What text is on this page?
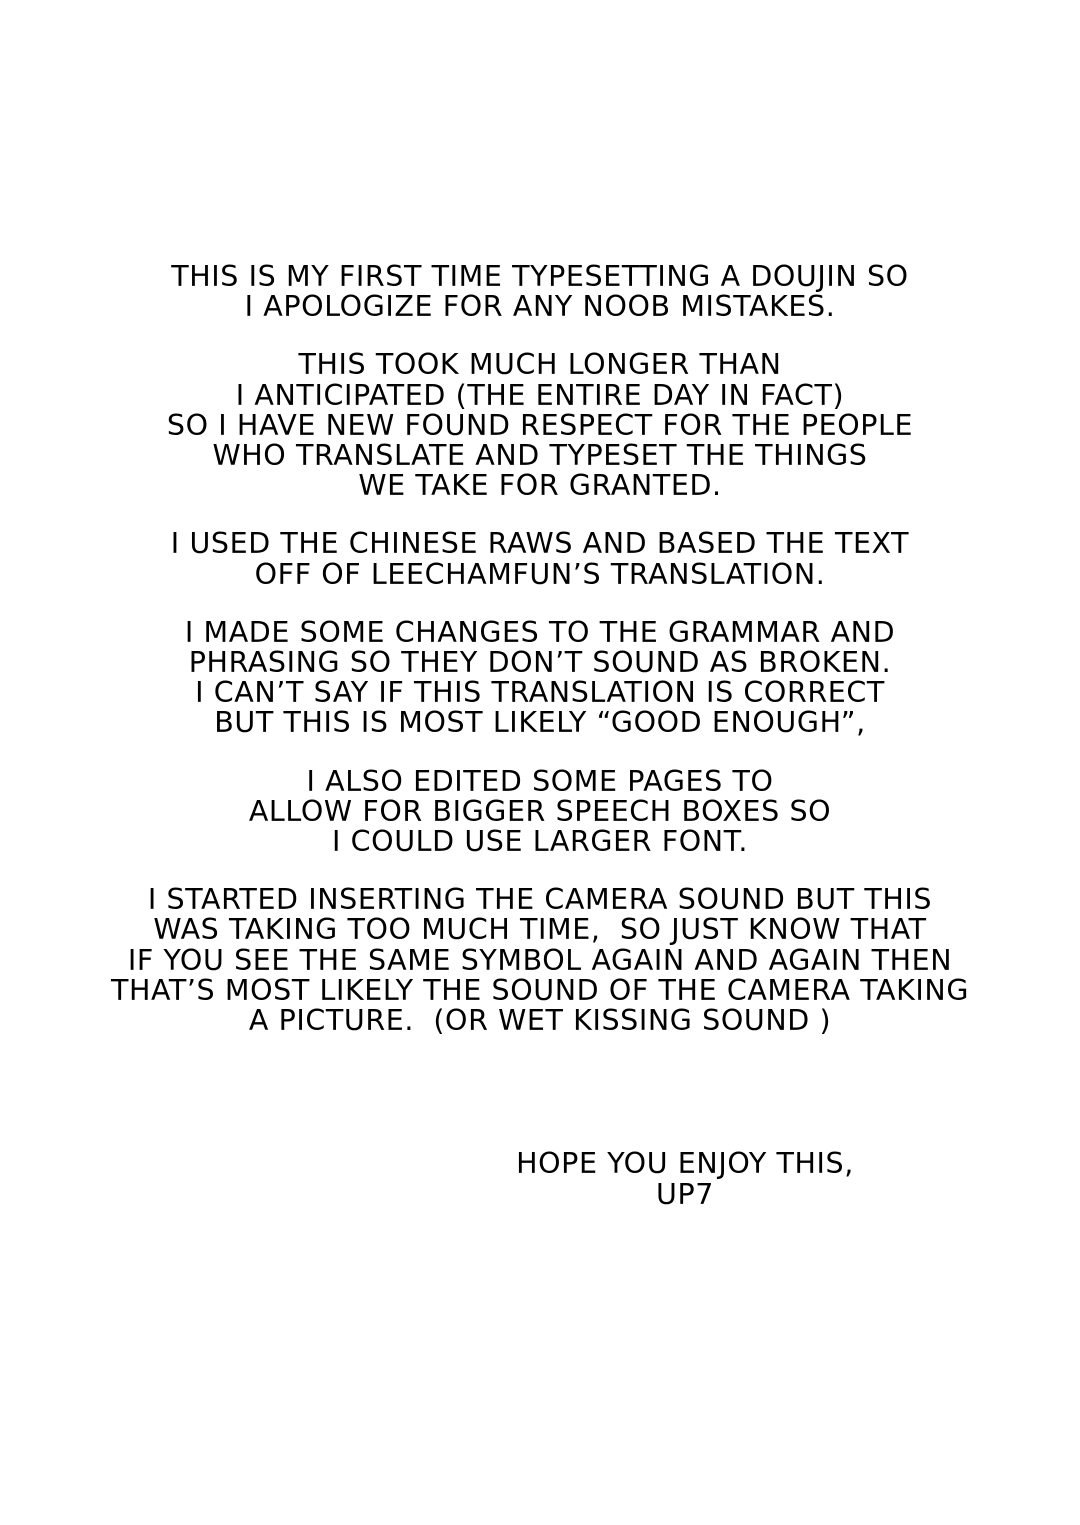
THIS IS MY FIRST TIME TYPESETTING A DOUJIN SO
I APOLOGIZE FOR ANY NOOB MISTAKES.

THIS TOOK MUCH LONGER THAN
I ANTICIPATED (THE ENTIRE DAY IN FACT)
SO I HAVE NEW FOUND RESPECT FOR THE PEOPLE
WHO TRANSLATE AND TYPESET THE THINGS
WE TAKE FOR GRANTED.

I USED THE CHINESE RAWS AND BASED THE TEXT
OFF OF LEECHAMFUN’S TRANSLATION.

I MADE SOME CHANGES TO THE GRAMMAR AND
PHRASING SO THEY DON’T SOUND AS BROKEN.
I CAN’T SAY IF THIS TRANSLATION IS CORRECT
BUT THIS IS MOST LIKELY “GOOD ENOUGH”,

I ALSO EDITED SOME PAGES TO
ALLOW FOR BIGGER SPEECH BOXES SO
I COULD USE LARGER FONT.

I STARTED INSERTING THE CAMERA SOUND BUT THIS
WAS TAKING TOO MUCH TIME,  SO JUST KNOW THAT
IF YOU SEE THE SAME SYMBOL AGAIN AND AGAIN THEN
THAT’S MOST LIKELY THE SOUND OF THE CAMERA TAKING
A PICTURE.  (OR WET KISSING SOUND )

HOPE YOU ENJOY THIS,
UP7
